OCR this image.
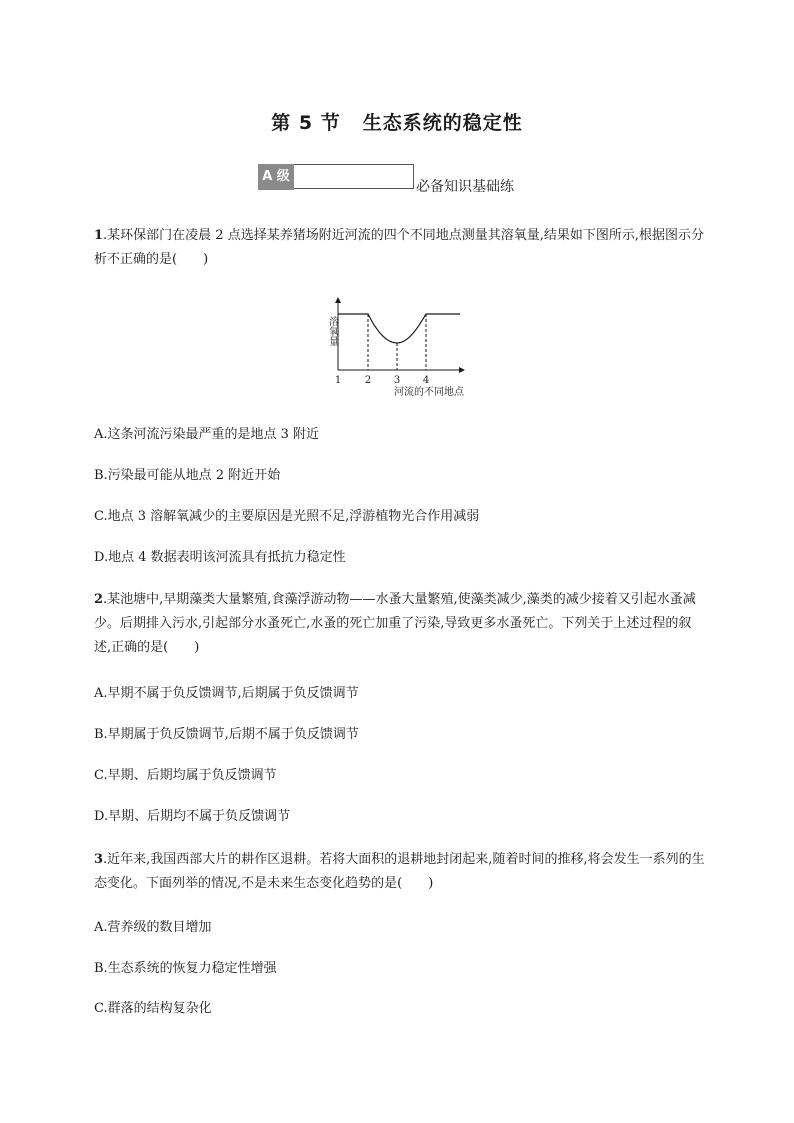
第 5 节 生态系统的稳定性
A 级
必备知识基础练

1.某环保部门在凌晨 2 点选择某养猪场附近河流的四个不同地点测量其溶氧量,结果如下图所示,根据图示分析不正确的是(　　)

溶氧量
1 2 3 4
河流的不同地点

A.这条河流污染最严重的是地点 3 附近

B.污染最可能从地点 2 附近开始

C.地点 3 溶解氧减少的主要原因是光照不足,浮游植物光合作用减弱

D.地点 4 数据表明该河流具有抵抗力稳定性

2.某池塘中,早期藻类大量繁殖,食藻浮游动物——水蚤大量繁殖,使藻类减少,藻类的减少接着又引起水蚤减少。后期排入污水,引起部分水蚤死亡,水蚤的死亡加重了污染,导致更多水蚤死亡。下列关于上述过程的叙述,正确的是(　　)

A.早期不属于负反馈调节,后期属于负反馈调节

B.早期属于负反馈调节,后期不属于负反馈调节

C.早期、后期均属于负反馈调节

D.早期、后期均不属于负反馈调节

3.近年来,我国西部大片的耕作区退耕。若将大面积的退耕地封闭起来,随着时间的推移,将会发生一系列的生态变化。下面列举的情况,不是未来生态变化趋势的是(　　)

A.营养级的数目增加

B.生态系统的恢复力稳定性增强

C.群落的结构复杂化
